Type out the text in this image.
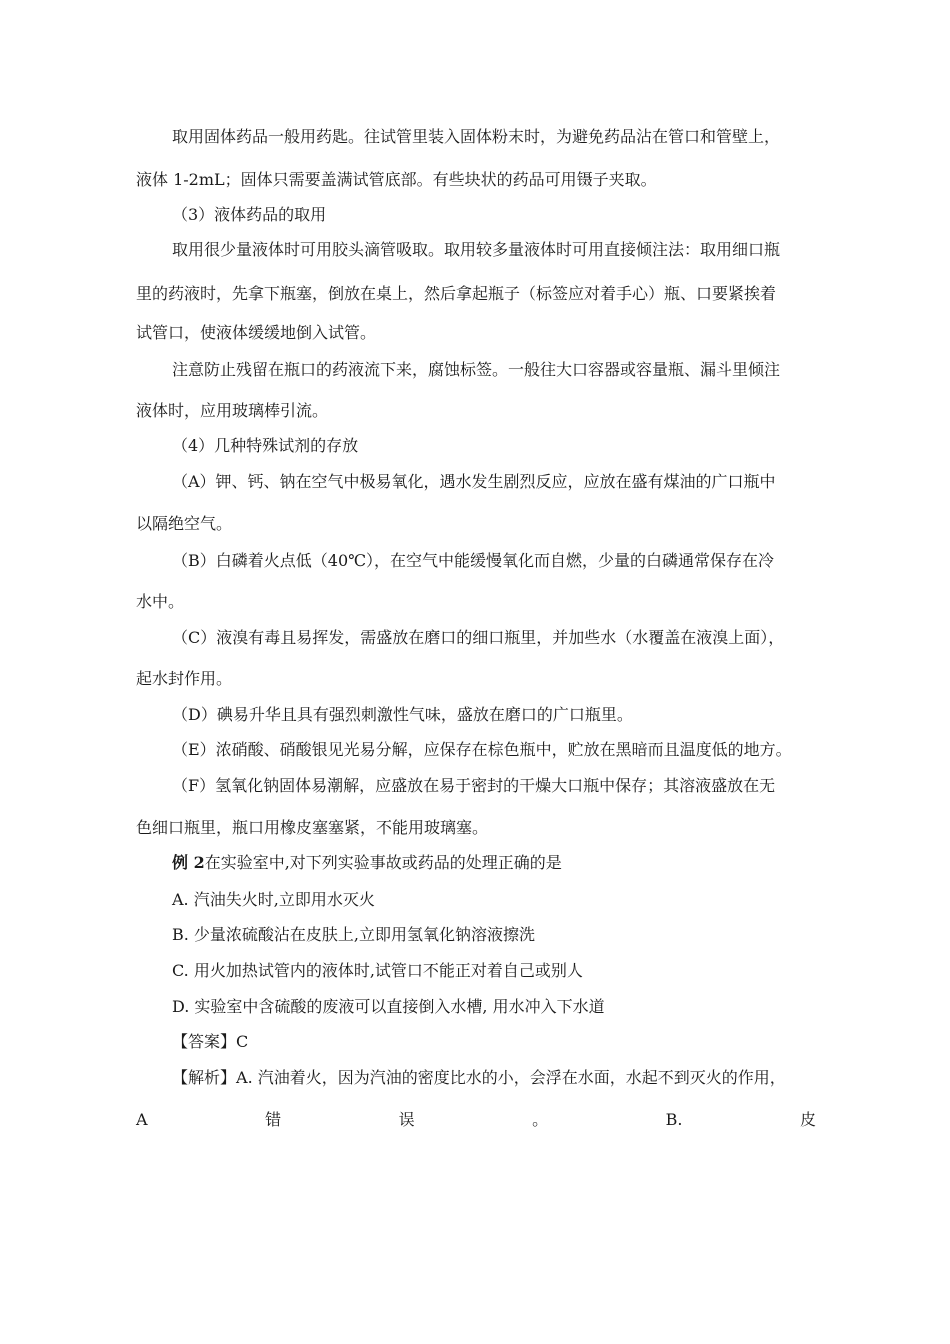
取用固体药品一般用药匙。往试管里装入固体粉末时，为避免药品沾在管口和管壁上，
液体 1-2mL；固体只需要盖满试管底部。有些块状的药品可用镊子夹取。
（3）液体药品的取用
取用很少量液体时可用胶头滴管吸取。取用较多量液体时可用直接倾注法：取用细口瓶
里的药液时，先拿下瓶塞，倒放在桌上，然后拿起瓶子（标签应对着手心）瓶、口要紧挨着
试管口，使液体缓缓地倒入试管。
注意防止残留在瓶口的药液流下来，腐蚀标签。一般往大口容器或容量瓶、漏斗里倾注
液体时，应用玻璃棒引流。
（4）几种特殊试剂的存放
（A）钾、钙、钠在空气中极易氧化，遇水发生剧烈反应，应放在盛有煤油的广口瓶中
以隔绝空气。
（B）白磷着火点低（40℃），在空气中能缓慢氧化而自燃，少量的白磷通常保存在冷
水中。
（C）液溴有毒且易挥发，需盛放在磨口的细口瓶里，并加些水（水覆盖在液溴上面），
起水封作用。
（D）碘易升华且具有强烈刺激性气味，盛放在磨口的广口瓶里。
（E）浓硝酸、硝酸银见光易分解，应保存在棕色瓶中，贮放在黑暗而且温度低的地方。
（F）氢氧化钠固体易潮解，应盛放在易于密封的干燥大口瓶中保存；其溶液盛放在无
色细口瓶里，瓶口用橡皮塞塞紧，不能用玻璃塞。
例 2在实验室中,对下列实验事故或药品的处理正确的是
A. 汽油失火时,立即用水灭火
B. 少量浓硫酸沾在皮肤上,立即用氢氧化钠溶液擦洗
C. 用火加热试管内的液体时,试管口不能正对着自己或别人
D. 实验室中含硫酸的废液可以直接倒入水槽, 用水冲入下水道
【答案】C
【解析】A. 汽油着火，因为汽油的密度比水的小，会浮在水面，水起不到灭火的作用，
A	错	误	。	B.	皮
